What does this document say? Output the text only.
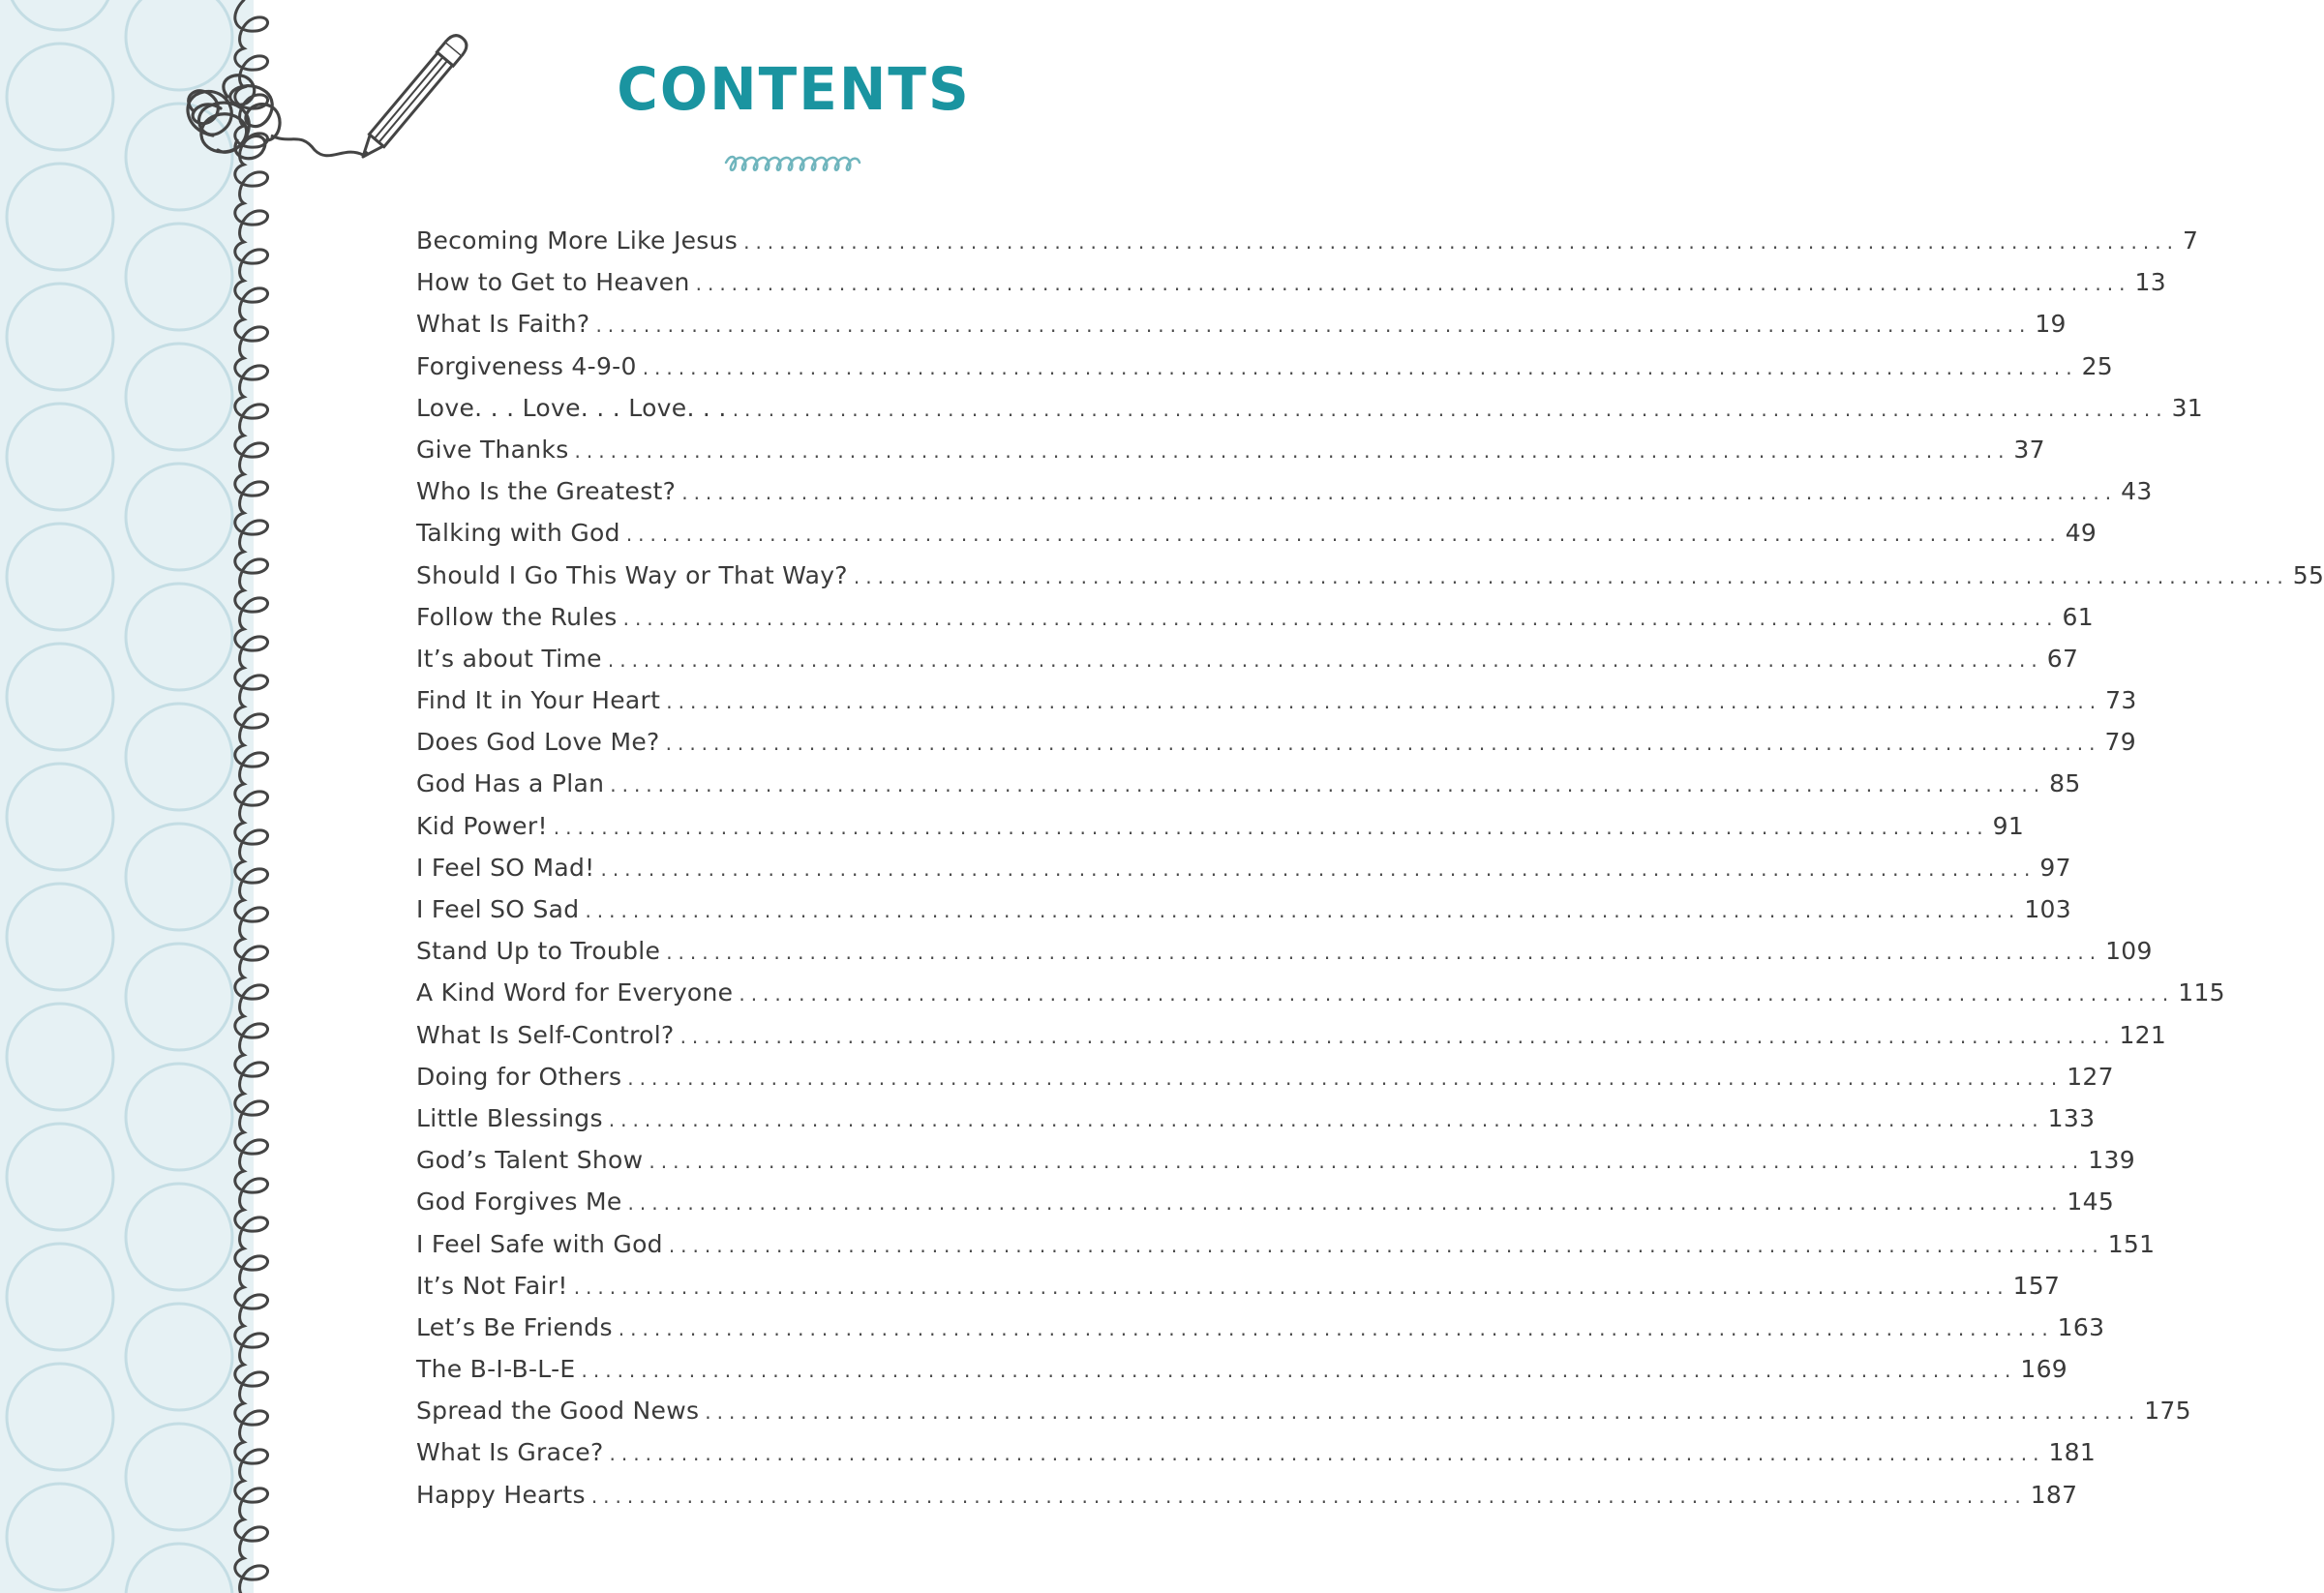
CONTENTS
Becoming More Like Jesus ........................................................................................................................ 7
How to Get to Heaven ........................................................................................................................ 13
What Is Faith? ........................................................................................................................ 19
Forgiveness 4-9-0 ........................................................................................................................ 25
Love. . . Love. . . Love. . . ........................................................................................................................ 31
Give Thanks ........................................................................................................................ 37
Who Is the Greatest? ........................................................................................................................ 43
Talking with God ........................................................................................................................ 49
Should I Go This Way or That Way? ........................................................................................................................ 55
Follow the Rules ........................................................................................................................ 61
It’s about Time ........................................................................................................................ 67
Find It in Your Heart ........................................................................................................................ 73
Does God Love Me? ........................................................................................................................ 79
God Has a Plan ........................................................................................................................ 85
Kid Power! ........................................................................................................................ 91
I Feel SO Mad! ........................................................................................................................ 97
I Feel SO Sad ........................................................................................................................ 103
Stand Up to Trouble ........................................................................................................................ 109
A Kind Word for Everyone ........................................................................................................................ 115
What Is Self-Control? ........................................................................................................................ 121
Doing for Others ........................................................................................................................ 127
Little Blessings ........................................................................................................................ 133
God’s Talent Show ........................................................................................................................ 139
God Forgives Me ........................................................................................................................ 145
I Feel Safe with God ........................................................................................................................ 151
It’s Not Fair! ........................................................................................................................ 157
Let’s Be Friends ........................................................................................................................ 163
The B-I-B-L-E ........................................................................................................................ 169
Spread the Good News ........................................................................................................................ 175
What Is Grace? ........................................................................................................................ 181
Happy Hearts ........................................................................................................................ 187
